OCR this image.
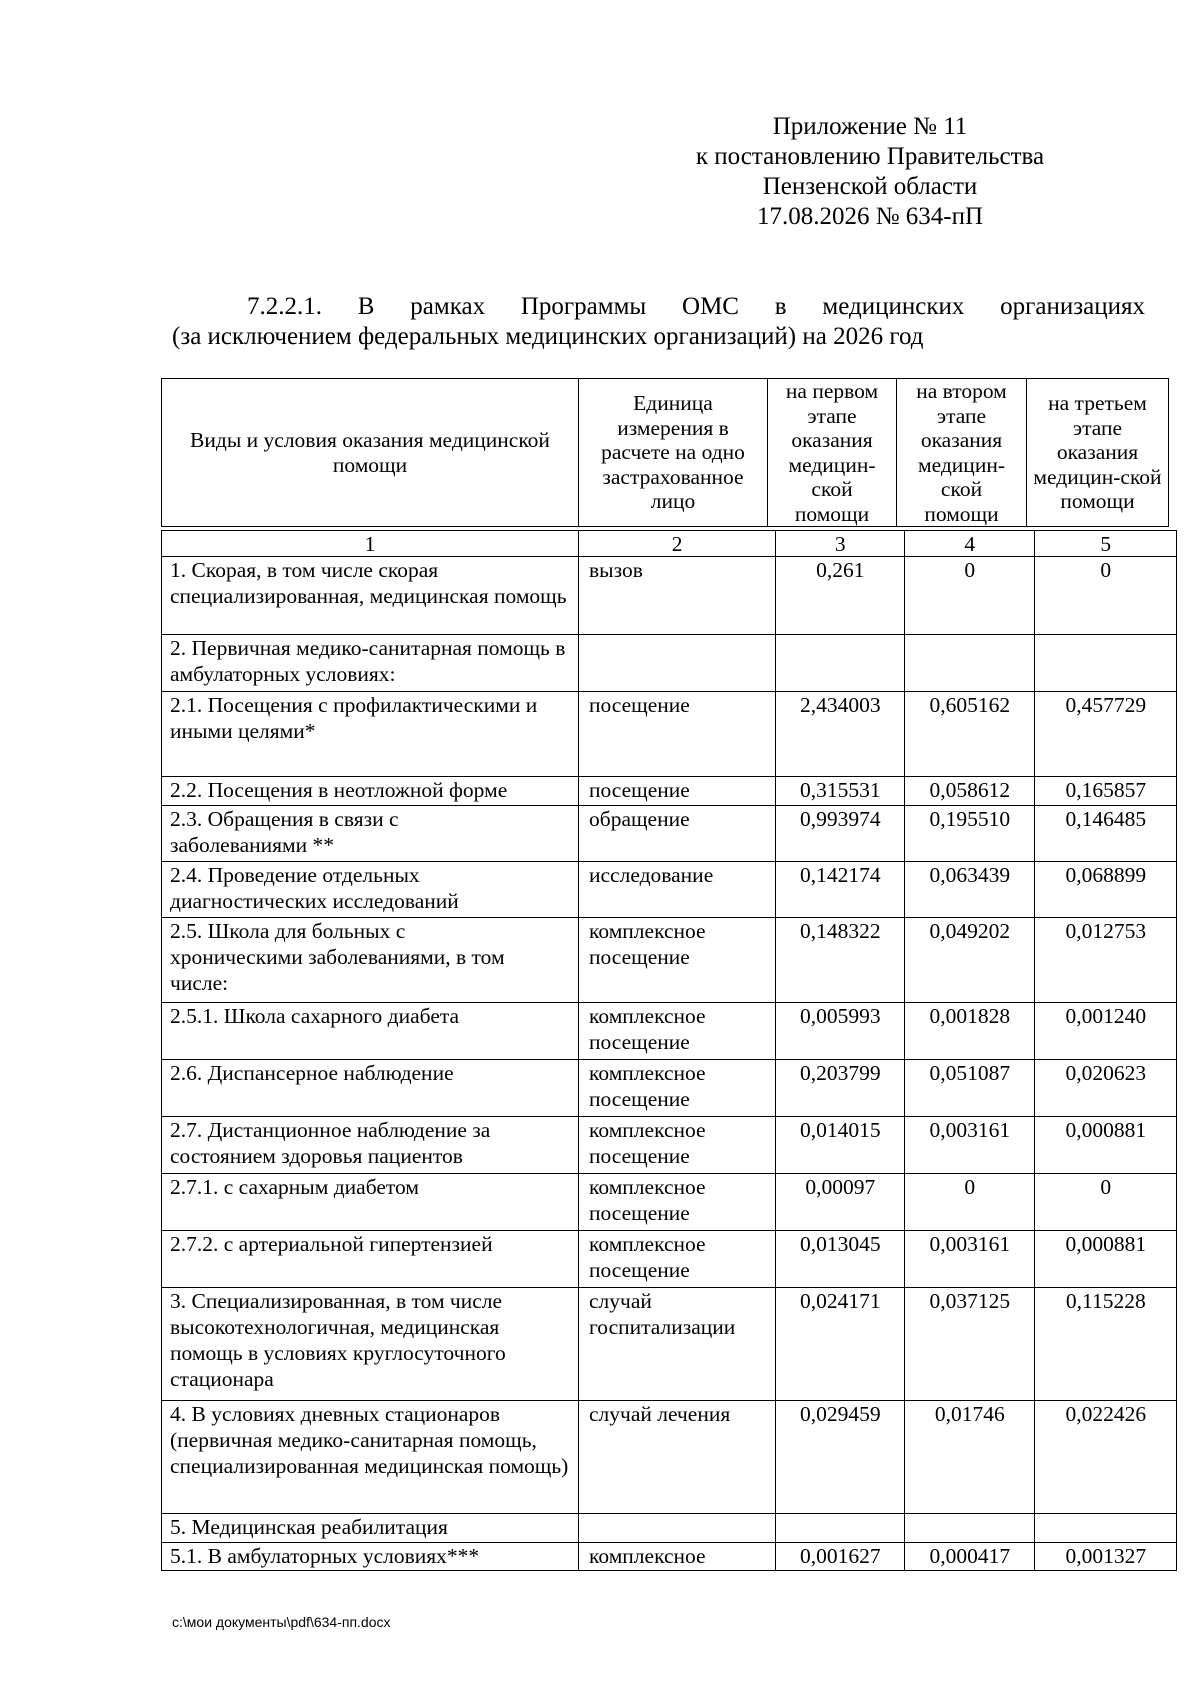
Приложение № 11
к постановлению Правительства
Пензенской области
17.08.2026 № 634-пП
7.2.2.1. В рамках Программы ОМС в медицинских организациях
(за исключением федеральных медицинских организаций) на 2026 год
Виды и условия оказания медицинской помощи	Единица измерения в расчете на одно застрахованное лицо	на первом этапе оказания медицин-ской помощи	на втором этапе оказания медицин-ской помощи	на третьем этапе оказания медицин-ской помощи
1	2	3	4	5
1. Скорая, в том числе скорая специализированная, медицинская помощь	вызов	0,261	0	0
2. Первичная медико-санитарная помощь в амбулаторных условиях:				
2.1. Посещения с профилактическими и иными целями*	посещение	2,434003	0,605162	0,457729
2.2. Посещения в неотложной форме	посещение	0,315531	0,058612	0,165857
2.3. Обращения в связи с заболеваниями **	обращение	0,993974	0,195510	0,146485
2.4. Проведение отдельных диагностических исследований	исследование	0,142174	0,063439	0,068899
2.5. Школа для больных с хроническими заболеваниями, в том числе:	комплексное посещение	0,148322	0,049202	0,012753
2.5.1. Школа сахарного диабета	комплексное посещение	0,005993	0,001828	0,001240
2.6. Диспансерное наблюдение	комплексное посещение	0,203799	0,051087	0,020623
2.7. Дистанционное наблюдение за состоянием здоровья пациентов	комплексное посещение	0,014015	0,003161	0,000881
2.7.1. с сахарным диабетом	комплексное посещение	0,00097	0	0
2.7.2. с артериальной гипертензией	комплексное посещение	0,013045	0,003161	0,000881
3. Специализированная, в том числе высокотехнологичная, медицинская помощь в условиях круглосуточного стационара	случай госпитализации	0,024171	0,037125	0,115228
4. В условиях дневных стационаров (первичная медико-санитарная помощь, специализированная медицинская помощь)	случай лечения	0,029459	0,01746	0,022426
5. Медицинская реабилитация				
5.1. В амбулаторных условиях***	комплексное	0,001627	0,000417	0,001327
c:\мои документы\pdf\634-пп.docx
